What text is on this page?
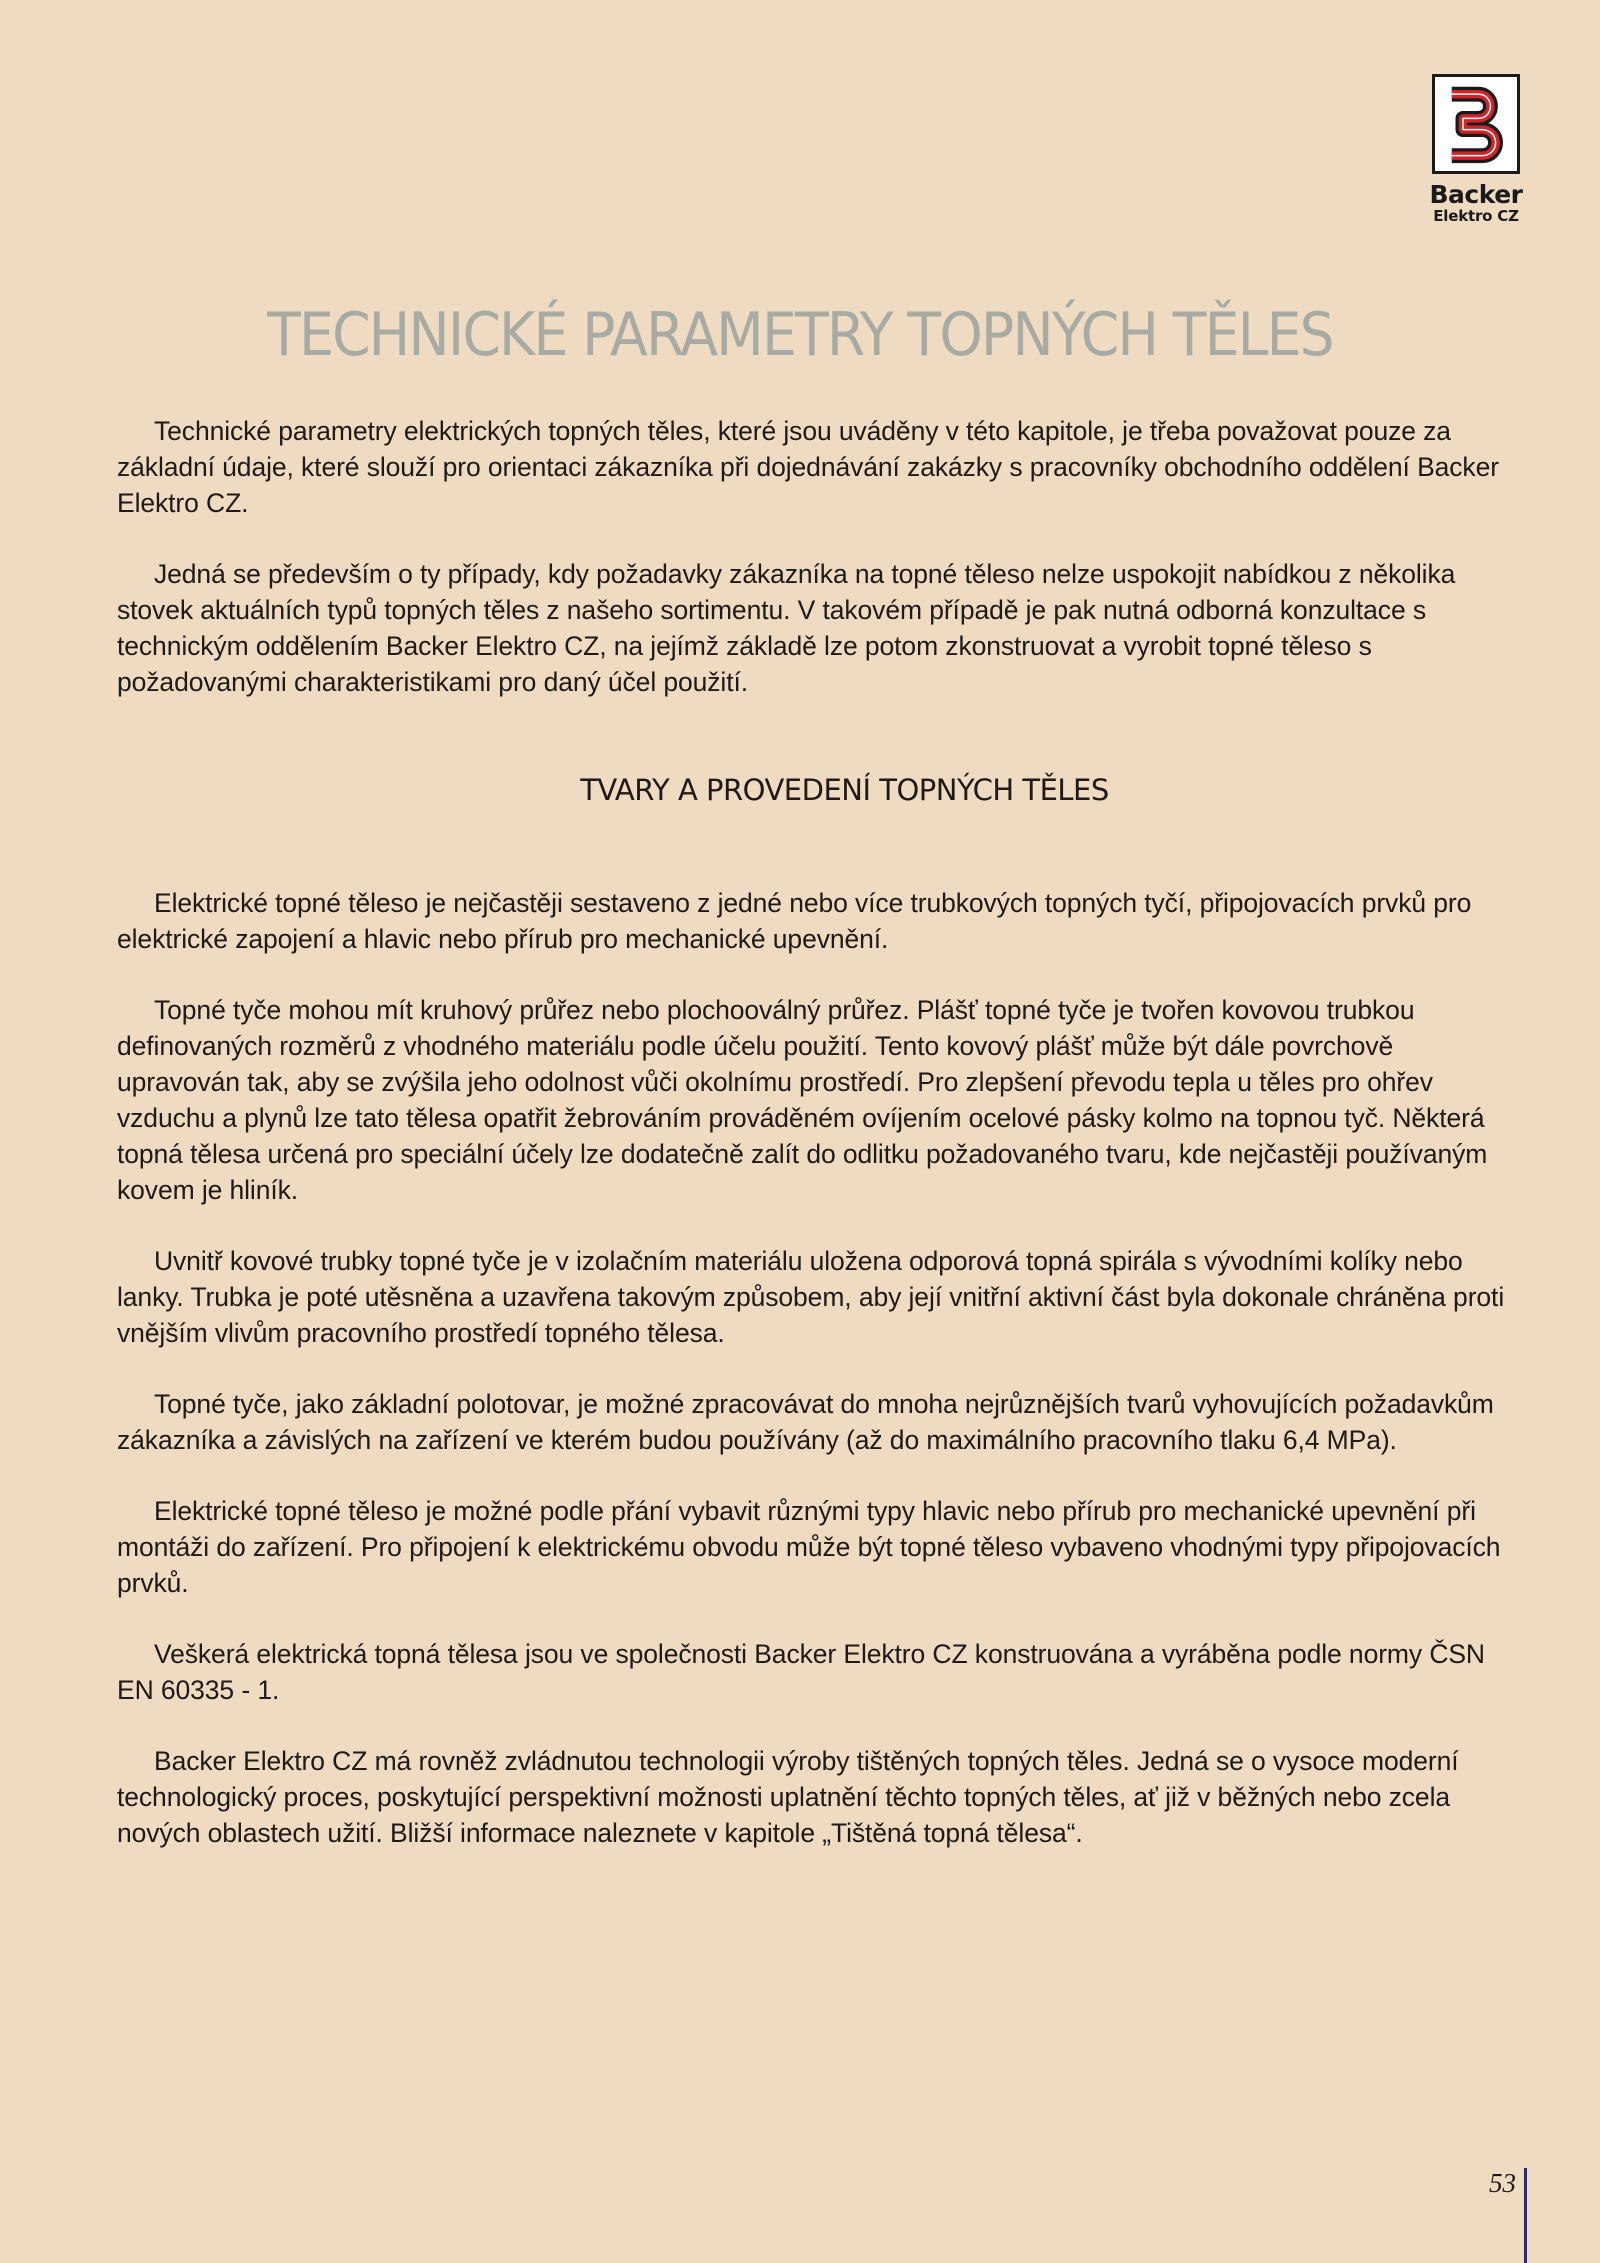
Backer
Elektro CZ
TECHNICKÉ PARAMETRY TOPNÝCH TĚLES

Technické parametry elektrických topných těles, které jsou uváděny v této kapitole, je třeba považovat pouze za základní údaje, které slouží pro orientaci zákazníka při dojednávání zakázky s pracovníky obchodního oddělení Backer Elektro CZ.

Jedná se především o ty případy, kdy požadavky zákazníka na topné těleso nelze uspokojit nabídkou z několika stovek aktuálních typů topných těles z našeho sortimentu. V takovém případě je pak nutná odborná konzultace s technickým oddělením Backer Elektro CZ, na jejímž základě lze potom zkonstruovat a vyrobit topné těleso s požadovanými charakteristikami pro daný účel použití.

TVARY A PROVEDENÍ TOPNÝCH TĚLES

Elektrické topné těleso je nejčastěji sestaveno z jedné nebo více trubkových topných tyčí, připojovacích prvků pro elektrické zapojení a hlavic nebo přírub pro mechanické upevnění.

Topné tyče mohou mít kruhový průřez nebo plochooválný průřez. Plášť topné tyče je tvořen kovovou trubkou definovaných rozměrů z vhodného materiálu podle účelu použití. Tento kovový plášť může být dále povrchově upravován tak, aby se zvýšila jeho odolnost vůči okolnímu prostředí. Pro zlepšení převodu tepla u těles pro ohřev vzduchu a plynů lze tato tělesa opatřit žebrováním prováděném ovíjením ocelové pásky kolmo na topnou tyč. Některá topná tělesa určená pro speciální účely lze dodatečně zalít do odlitku požadovaného tvaru, kde nejčastěji používaným kovem je hliník.

Uvnitř kovové trubky topné tyče je v izolačním materiálu uložena odporová topná spirála s vývodními kolíky nebo lanky. Trubka je poté utěsněna a uzavřena takovým způsobem, aby její vnitřní aktivní část byla dokonale chráněna proti vnějším vlivům pracovního prostředí topného tělesa.

Topné tyče, jako základní polotovar, je možné zpracovávat do mnoha nejrůznějších tvarů vyhovujících požadavkům zákazníka a závislých na zařízení ve kterém budou používány (až do maximálního pracovního tlaku 6,4 MPa).

Elektrické topné těleso je možné podle přání vybavit různými typy hlavic nebo přírub pro mechanické upevnění při montáži do zařízení. Pro připojení k elektrickému obvodu může být topné těleso vybaveno vhodnými typy připojovacích prvků.

Veškerá elektrická topná tělesa jsou ve společnosti Backer Elektro CZ konstruována a vyráběna podle normy ČSN EN 60335 - 1.

Backer Elektro CZ má rovněž zvládnutou technologii výroby tištěných topných těles. Jedná se o vysoce moderní technologický proces, poskytující perspektivní možnosti uplatnění těchto topných těles, ať již v běžných nebo zcela nových oblastech užití. Bližší informace naleznete v kapitole „Tištěná topná tělesa“.

53
